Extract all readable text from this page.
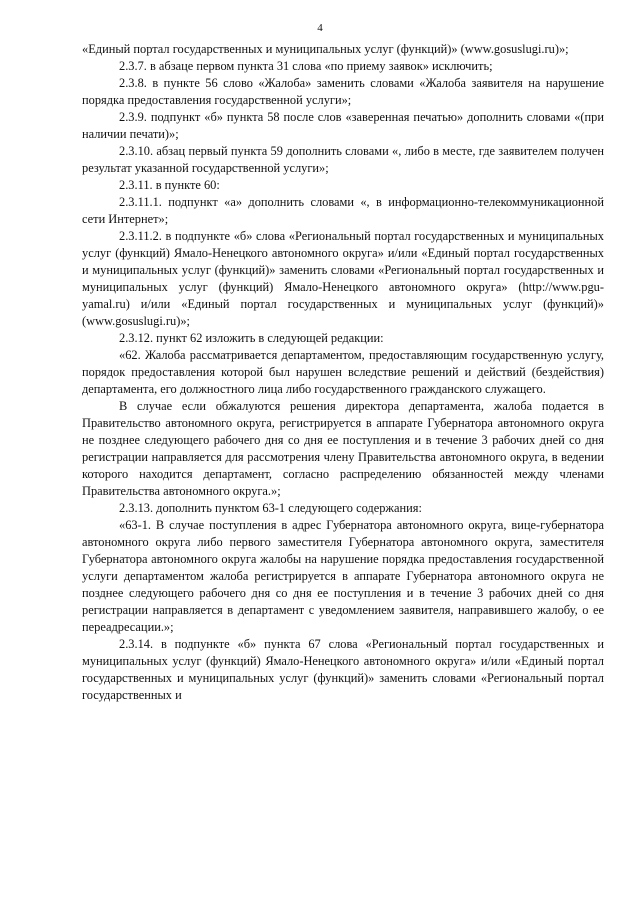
4

«Единый портал государственных и муниципальных услуг (функций)» (www.gosuslugi.ru)»;

2.3.7. в абзаце первом пункта 31 слова «по приему заявок» исключить;

2.3.8. в пункте 56 слово «Жалоба» заменить словами «Жалоба заявителя на нарушение порядка предоставления государственной услуги»;

2.3.9. подпункт «б» пункта 58 после слов «заверенная печатью» дополнить словами «(при наличии печати)»;

2.3.10. абзац первый пункта 59 дополнить словами «, либо в месте, где заявителем получен результат указанной государственной услуги»;

2.3.11. в пункте 60:

2.3.11.1. подпункт «а» дополнить словами «, в информационно-телекоммуникационной сети Интернет»;

2.3.11.2. в подпункте «б» слова «Региональный портал государственных и муниципальных услуг (функций) Ямало-Ненецкого автономного округа» и/или «Единый портал государственных и муниципальных услуг (функций)» заменить словами «Региональный портал государственных и муниципальных услуг (функций) Ямало-Ненецкого автономного округа» (http://www.pgu-yamal.ru) и/или «Единый портал государственных и муниципальных услуг (функций)» (www.gosuslugi.ru)»;

2.3.12. пункт 62 изложить в следующей редакции:

«62. Жалоба рассматривается департаментом, предоставляющим государственную услугу, порядок предоставления которой был нарушен вследствие решений и действий (бездействия) департамента, его должностного лица либо государственного гражданского служащего.

В случае если обжалуются решения директора департамента, жалоба подается в Правительство автономного округа, регистрируется в аппарате Губернатора автономного округа не позднее следующего рабочего дня со дня ее поступления и в течение 3 рабочих дней со дня регистрации направляется для рассмотрения члену Правительства автономного округа, в ведении которого находится департамент, согласно распределению обязанностей между членами Правительства автономного округа.»;

2.3.13. дополнить пунктом 63-1 следующего содержания:

«63-1. В случае поступления в адрес Губернатора автономного округа, вице-губернатора автономного округа либо первого заместителя Губернатора автономного округа, заместителя Губернатора автономного округа жалобы на нарушение порядка предоставления государственной услуги департаментом жалоба регистрируется в аппарате Губернатора автономного округа не позднее следующего рабочего дня со дня ее поступления и в течение 3 рабочих дней со дня регистрации направляется в департамент с уведомлением заявителя, направившего жалобу, о ее переадресации.»;

2.3.14. в подпункте «б» пункта 67 слова «Региональный портал государственных и муниципальных услуг (функций) Ямало-Ненецкого автономного округа» и/или «Единый портал государственных и муниципальных услуг (функций)» заменить словами «Региональный портал государственных и
